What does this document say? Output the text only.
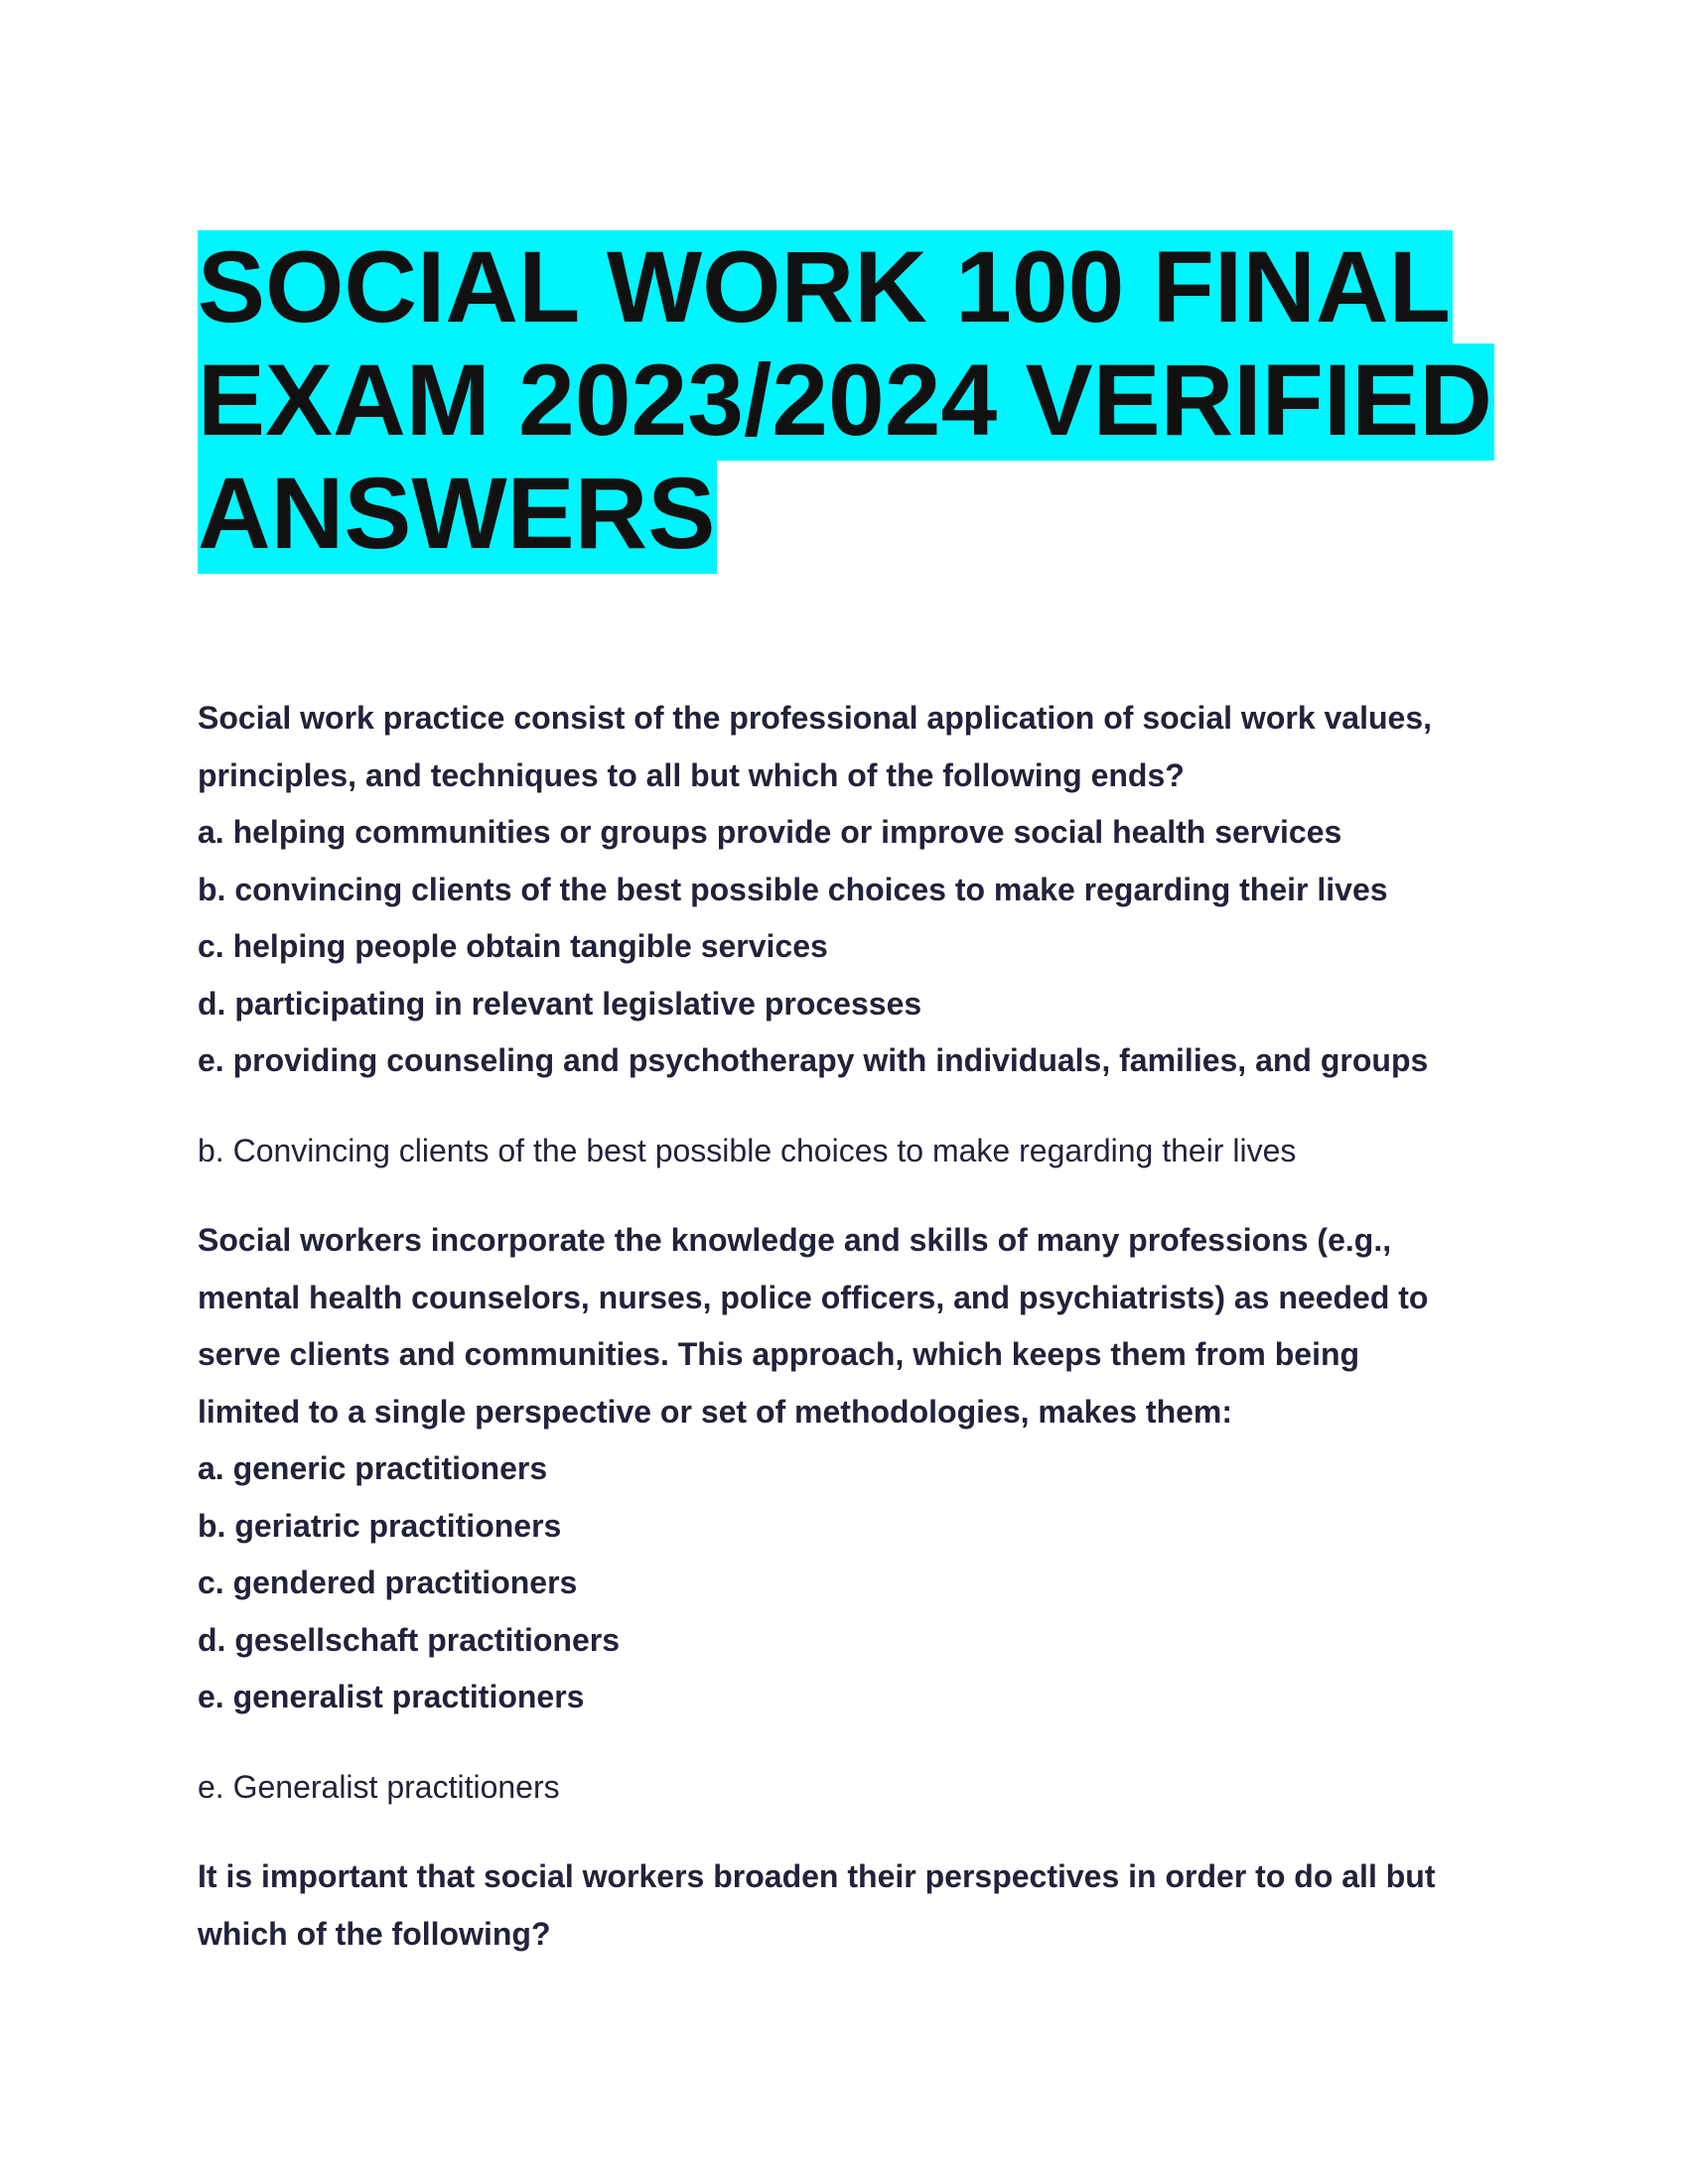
SOCIAL WORK 100 FINAL
EXAM 2023/2024 VERIFIED
ANSWERS
Social work practice consist of the professional application of social work values,
principles, and techniques to all but which of the following ends?
a. helping communities or groups provide or improve social health services
b. convincing clients of the best possible choices to make regarding their lives
c. helping people obtain tangible services
d. participating in relevant legislative processes
e. providing counseling and psychotherapy with individuals, families, and groups
b. Convincing clients of the best possible choices to make regarding their lives
Social workers incorporate the knowledge and skills of many professions (e.g.,
mental health counselors, nurses, police officers, and psychiatrists) as needed to
serve clients and communities. This approach, which keeps them from being
limited to a single perspective or set of methodologies, makes them:
a. generic practitioners
b. geriatric practitioners
c. gendered practitioners
d. gesellschaft practitioners
e. generalist practitioners
e. Generalist practitioners
It is important that social workers broaden their perspectives in order to do all but
which of the following?
